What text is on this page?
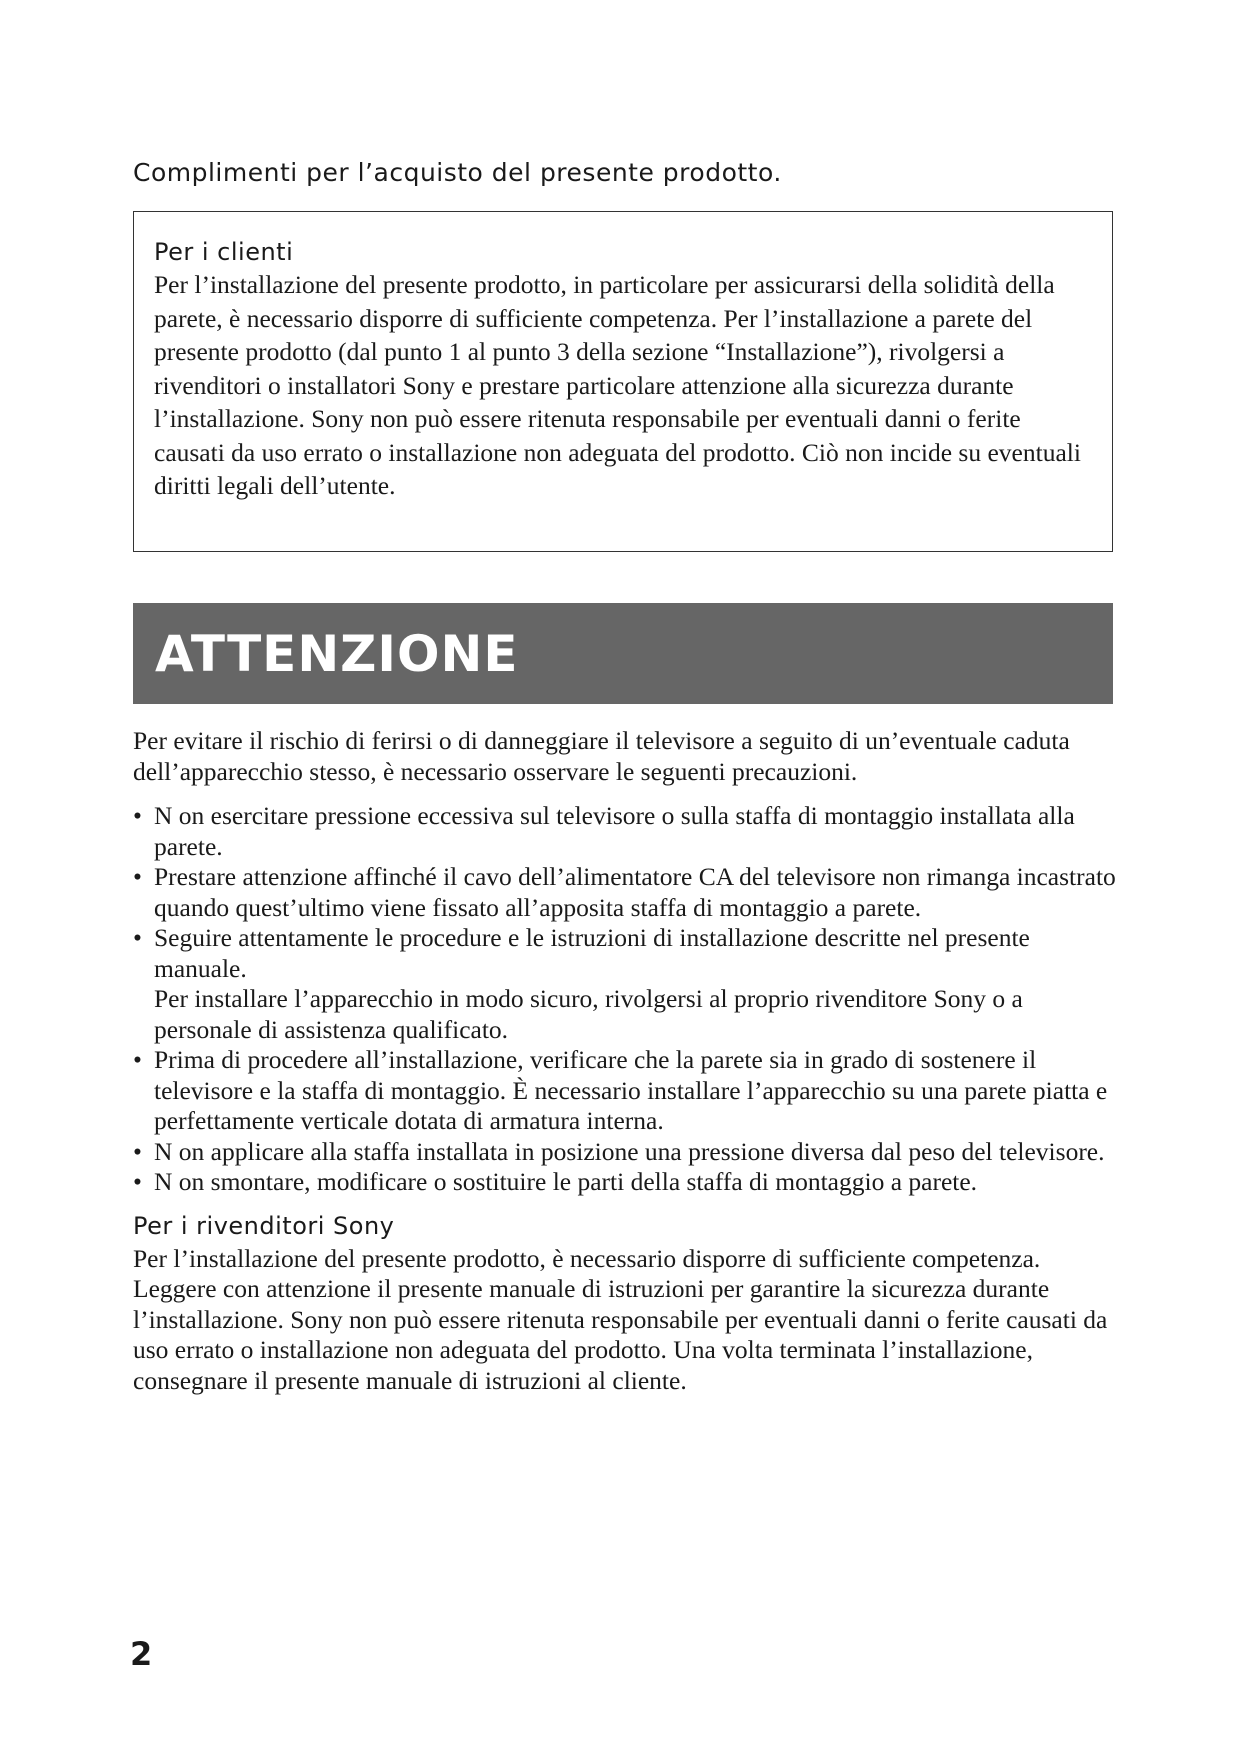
Complimenti per l’acquisto del presente prodotto.

Per i clienti

Per l’installazione del presente prodotto, in particolare per assicurarsi della solidità della parete, è necessario disporre di sufficiente competenza. Per l’installazione a parete del presente prodotto (dal punto 1 al punto 3 della sezione “Installazione”), rivolgersi a rivenditori o installatori Sony e prestare particolare attenzione alla sicurezza durante l’installazione. Sony non può essere ritenuta responsabile per eventuali danni o ferite causati da uso errato o installazione non adeguata del prodotto. Ciò non incide su eventuali diritti legali dell’utente.

ATTENZIONE

Per evitare il rischio di ferirsi o di danneggiare il televisore a seguito di un’eventuale caduta dell’apparecchio stesso, è necessario osservare le seguenti precauzioni.

• N on esercitare pressione eccessiva sul televisore o sulla staffa di montaggio installata alla parete.
• Prestare attenzione affinché il cavo dell’alimentatore CA del televisore non rimanga incastrato quando quest’ultimo viene fissato all’apposita staffa di montaggio a parete.
• Seguire attentamente le procedure e le istruzioni di installazione descritte nel presente manuale.
Per installare l’apparecchio in modo sicuro, rivolgersi al proprio rivenditore Sony o a personale di assistenza qualificato.
• Prima di procedere all’installazione, verificare che la parete sia in grado di sostenere il televisore e la staffa di montaggio. È necessario installare l’apparecchio su una parete piatta e perfettamente verticale dotata di armatura interna.
• N on applicare alla staffa installata in posizione una pressione diversa dal peso del televisore.
• N on smontare, modificare o sostituire le parti della staffa di montaggio a parete.
Per i rivenditori Sony

Per l’installazione del presente prodotto, è necessario disporre di sufficiente competenza. Leggere con attenzione il presente manuale di istruzioni per garantire la sicurezza durante l’installazione. Sony non può essere ritenuta responsabile per eventuali danni o ferite causati da uso errato o installazione non adeguata del prodotto. Una volta terminata l’installazione, consegnare il presente manuale di istruzioni al cliente.

2
